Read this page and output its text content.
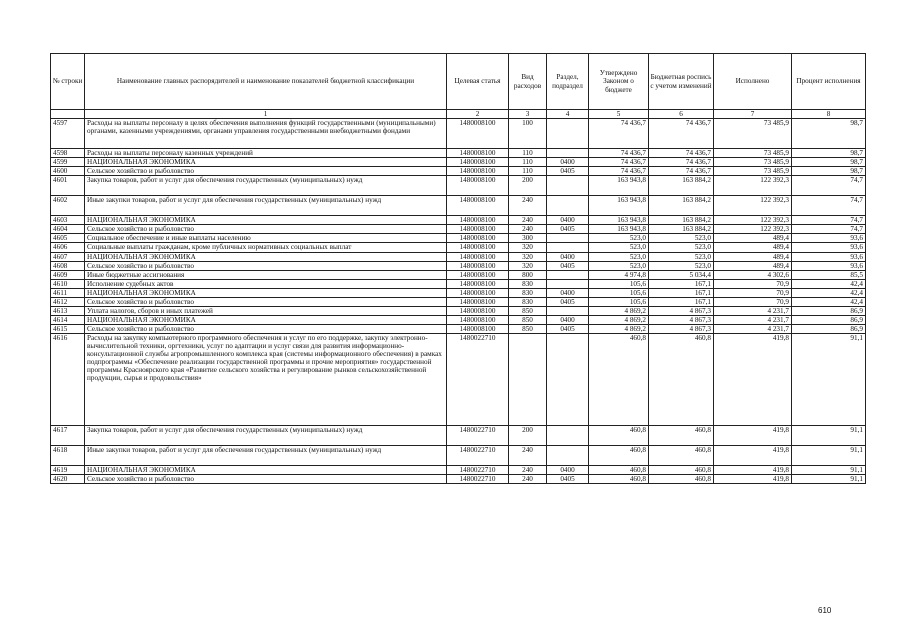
№ строки	Наименование главных распорядителей и наименование показателей бюджетной классификации	Целевая статья	Вид расходов	Раздел, подраздел	Утверждено Законом о бюджете	Бюджетная роспись с учетом изменений	Исполнено	Процент исполнения
	1	2	3	4	5	6	7	8
4597	Расходы на выплаты персоналу в целях обеспечения выполнения функций государственными (муниципальными) органами, казенными учреждениями, органами управления государственными внебюджетными фондами	1480008100	100		74 436,7	74 436,7	73 485,9	98,7
4598	Расходы на выплаты персоналу казенных учреждений	1480008100	110		74 436,7	74 436,7	73 485,9	98,7
4599	НАЦИОНАЛЬНАЯ ЭКОНОМИКА	1480008100	110	0400	74 436,7	74 436,7	73 485,9	98,7
4600	Сельское хозяйство и рыболовство	1480008100	110	0405	74 436,7	74 436,7	73 485,9	98,7
4601	Закупка товаров, работ и услуг для обеспечения государственных (муниципальных) нужд	1480008100	200		163 943,8	163 884,2	122 392,3	74,7
4602	Иные закупки товаров, работ и услуг для обеспечения государственных (муниципальных) нужд	1480008100	240		163 943,8	163 884,2	122 392,3	74,7
4603	НАЦИОНАЛЬНАЯ ЭКОНОМИКА	1480008100	240	0400	163 943,8	163 884,2	122 392,3	74,7
4604	Сельское хозяйство и рыболовство	1480008100	240	0405	163 943,8	163 884,2	122 392,3	74,7
4605	Социальное обеспечение и иные выплаты населению	1480008100	300		523,0	523,0	489,4	93,6
4606	Социальные выплаты гражданам, кроме публичных нормативных социальных выплат	1480008100	320		523,0	523,0	489,4	93,6
4607	НАЦИОНАЛЬНАЯ ЭКОНОМИКА	1480008100	320	0400	523,0	523,0	489,4	93,6
4608	Сельское хозяйство и рыболовство	1480008100	320	0405	523,0	523,0	489,4	93,6
4609	Иные бюджетные ассигнования	1480008100	800		4 974,8	5 034,4	4 302,6	85,5
4610	Исполнение судебных актов	1480008100	830		105,6	167,1	70,9	42,4
4611	НАЦИОНАЛЬНАЯ ЭКОНОМИКА	1480008100	830	0400	105,6	167,1	70,9	42,4
4612	Сельское хозяйство и рыболовство	1480008100	830	0405	105,6	167,1	70,9	42,4
4613	Уплата налогов, сборов и иных платежей	1480008100	850		4 869,2	4 867,3	4 231,7	86,9
4614	НАЦИОНАЛЬНАЯ ЭКОНОМИКА	1480008100	850	0400	4 869,2	4 867,3	4 231,7	86,9
4615	Сельское хозяйство и рыболовство	1480008100	850	0405	4 869,2	4 867,3	4 231,7	86,9
4616	Расходы на закупку компьютерного программного обеспечения и услуг по его поддержке, закупку электронно-вычислительной техники, оргтехники, услуг по адаптации и услуг связи для развития информационно-консультационной службы агропромышленного комплекса края (системы информационного обеспечения) в рамках подпрограммы «Обеспечение реализации государственной программы и прочие мероприятия» государственной программы Красноярского края «Развитие сельского хозяйства и регулирование рынков сельскохозяйственной продукции, сырья и продовольствия»	1480022710			460,8	460,8	419,8	91,1
4617	Закупка товаров, работ и услуг для обеспечения государственных (муниципальных) нужд	1480022710	200		460,8	460,8	419,8	91,1
4618	Иные закупки товаров, работ и услуг для обеспечения государственных (муниципальных) нужд	1480022710	240		460,8	460,8	419,8	91,1
4619	НАЦИОНАЛЬНАЯ ЭКОНОМИКА	1480022710	240	0400	460,8	460,8	419,8	91,1
4620	Сельское хозяйство и рыболовство	1480022710	240	0405	460,8	460,8	419,8	91,1
610
